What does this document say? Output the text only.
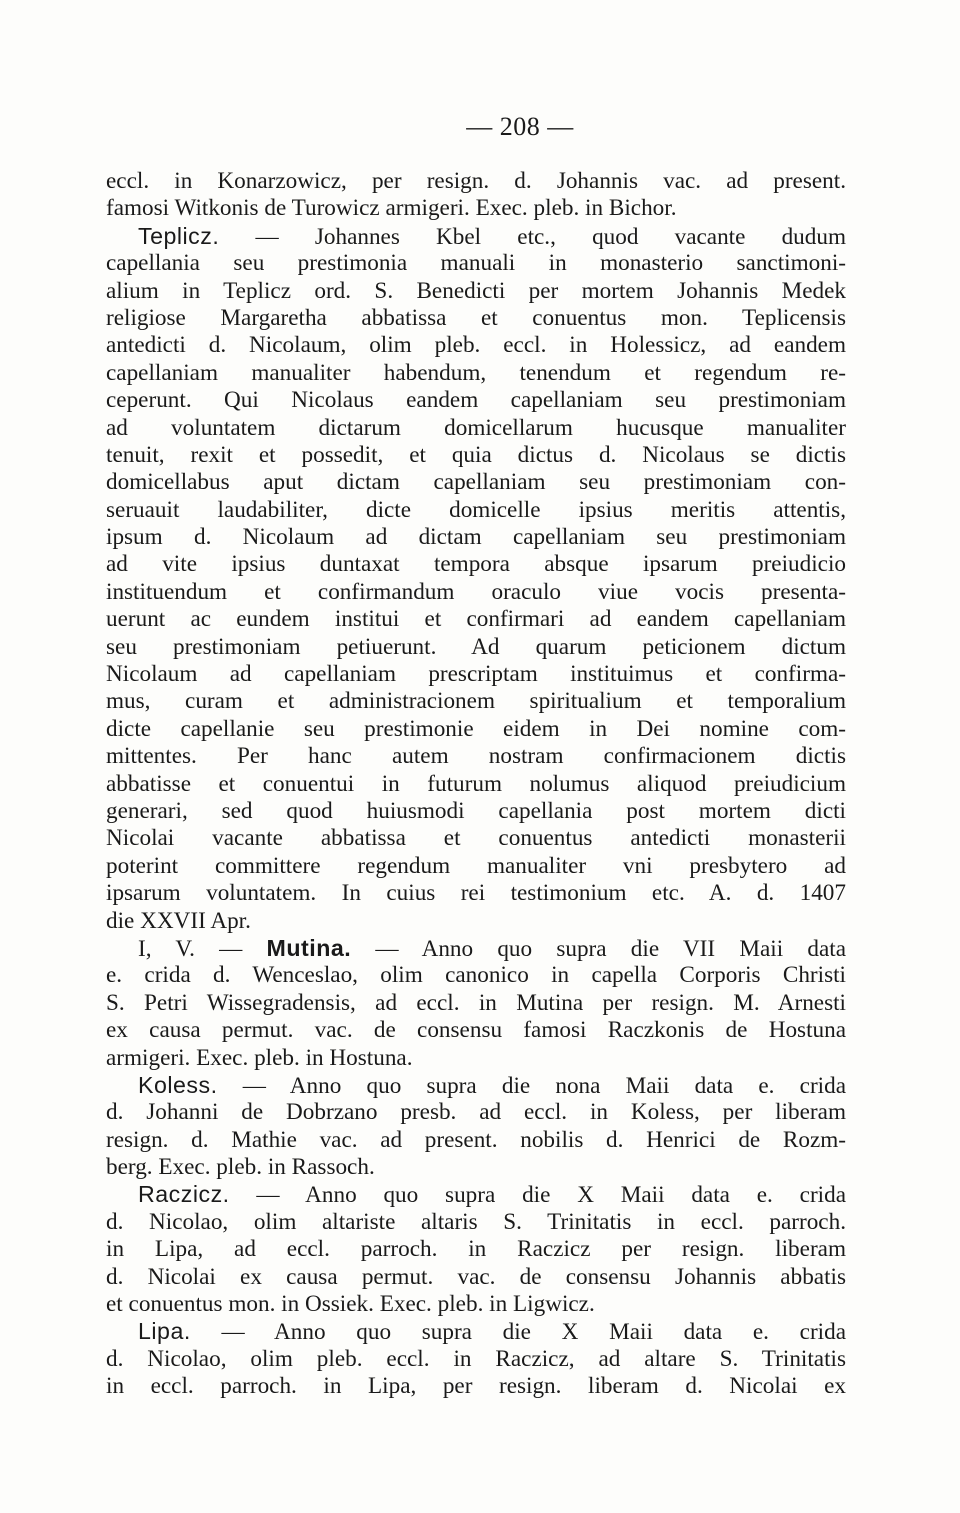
— 208 —
eccl. in Konarzowicz, per resign. d. Johannis vac. ad present.
famosi Witkonis de Turowicz armigeri. Exec. pleb. in Bichor.
Teplicz. — Johannes Kbel etc., quod vacante dudum
capellania seu prestimonia manuali in monasterio sanctimoni-
alium in Teplicz ord. S. Benedicti per mortem Johannis Medek
religiose Margaretha abbatissa et conuentus mon. Teplicensis
antedicti d. Nicolaum, olim pleb. eccl. in Holessicz, ad eandem
capellaniam manualiter habendum, tenendum et regendum re-
ceperunt. Qui Nicolaus eandem capellaniam seu prestimoniam
ad voluntatem dictarum domicellarum hucusque manualiter
tenuit, rexit et possedit, et quia dictus d. Nicolaus se dictis
domicellabus aput dictam capellaniam seu prestimoniam con-
seruauit laudabiliter, dicte domicelle ipsius meritis attentis,
ipsum d. Nicolaum ad dictam capellaniam seu prestimoniam
ad vite ipsius duntaxat tempora absque ipsarum preiudicio
instituendum et confirmandum oraculo viue vocis presenta-
uerunt ac eundem institui et confirmari ad eandem capellaniam
seu prestimoniam petiuerunt. Ad quarum peticionem dictum
Nicolaum ad capellaniam prescriptam instituimus et confirma-
mus, curam et administracionem spiritualium et temporalium
dicte capellanie seu prestimonie eidem in Dei nomine com-
mittentes. Per hanc autem nostram confirmacionem dictis
abbatisse et conuentui in futurum nolumus aliquod preiudicium
generari, sed quod huiusmodi capellania post mortem dicti
Nicolai vacante abbatissa et conuentus antedicti monasterii
poterint committere regendum manualiter vni presbytero ad
ipsarum voluntatem. In cuius rei testimonium etc. A. d. 1407
die XXVII Apr.
I, V. — Mutina. — Anno quo supra die VII Maii data
e. crida d. Wenceslao, olim canonico in capella Corporis Christi
S. Petri Wissegradensis, ad eccl. in Mutina per resign. M. Arnesti
ex causa permut. vac. de consensu famosi Raczkonis de Hostuna
armigeri. Exec. pleb. in Hostuna.
Koless. — Anno quo supra die nona Maii data e. crida
d. Johanni de Dobrzano presb. ad eccl. in Koless, per liberam
resign. d. Mathie vac. ad present. nobilis d. Henrici de Rozm-
berg. Exec. pleb. in Rassoch.
Raczicz. — Anno quo supra die X Maii data e. crida
d. Nicolao, olim altariste altaris S. Trinitatis in eccl. parroch.
in Lipa, ad eccl. parroch. in Raczicz per resign. liberam
d. Nicolai ex causa permut. vac. de consensu Johannis abbatis
et conuentus mon. in Ossiek. Exec. pleb. in Ligwicz.
Lipa. — Anno quo supra die X Maii data e. crida
d. Nicolao, olim pleb. eccl. in Raczicz, ad altare S. Trinitatis
in eccl. parroch. in Lipa, per resign. liberam d. Nicolai ex
